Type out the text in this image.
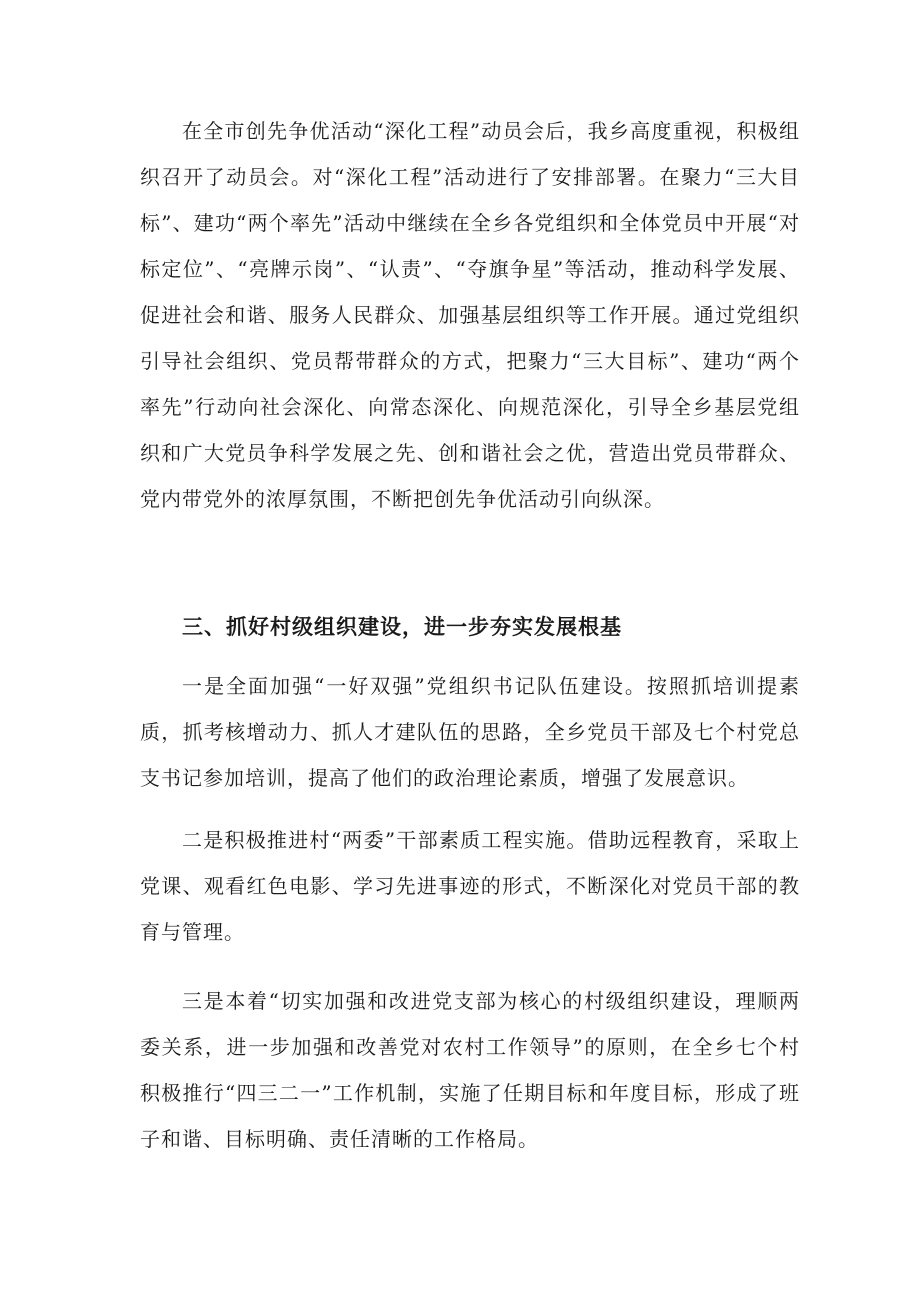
在全市创先争优活动“深化工程”动员会后，我乡高度重视，积极组织召开了动员会。对“深化工程”活动进行了安排部署。在聚力“三大目标”、建功“两个率先”活动中继续在全乡各党组织和全体党员中开展“对标定位”、“亮牌示岗”、“认责”、“夺旗争星”等活动，推动科学发展、促进社会和谐、服务人民群众、加强基层组织等工作开展。通过党组织引导社会组织、党员帮带群众的方式，把聚力“三大目标”、建功“两个率先”行动向社会深化、向常态深化、向规范深化，引导全乡基层党组织和广大党员争科学发展之先、创和谐社会之优，营造出党员带群众、党内带党外的浓厚氛围，不断把创先争优活动引向纵深。

三、抓好村级组织建设，进一步夯实发展根基

一是全面加强“一好双强”党组织书记队伍建设。按照抓培训提素质，抓考核增动力、抓人才建队伍的思路，全乡党员干部及七个村党总支书记参加培训，提高了他们的政治理论素质，增强了发展意识。

二是积极推进村“两委”干部素质工程实施。借助远程教育，采取上党课、观看红色电影、学习先进事迹的形式，不断深化对党员干部的教育与管理。

三是本着“切实加强和改进党支部为核心的村级组织建设，理顺两委关系，进一步加强和改善党对农村工作领导”的原则，在全乡七个村积极推行“四三二一”工作机制，实施了任期目标和年度目标，形成了班子和谐、目标明确、责任清晰的工作格局。
